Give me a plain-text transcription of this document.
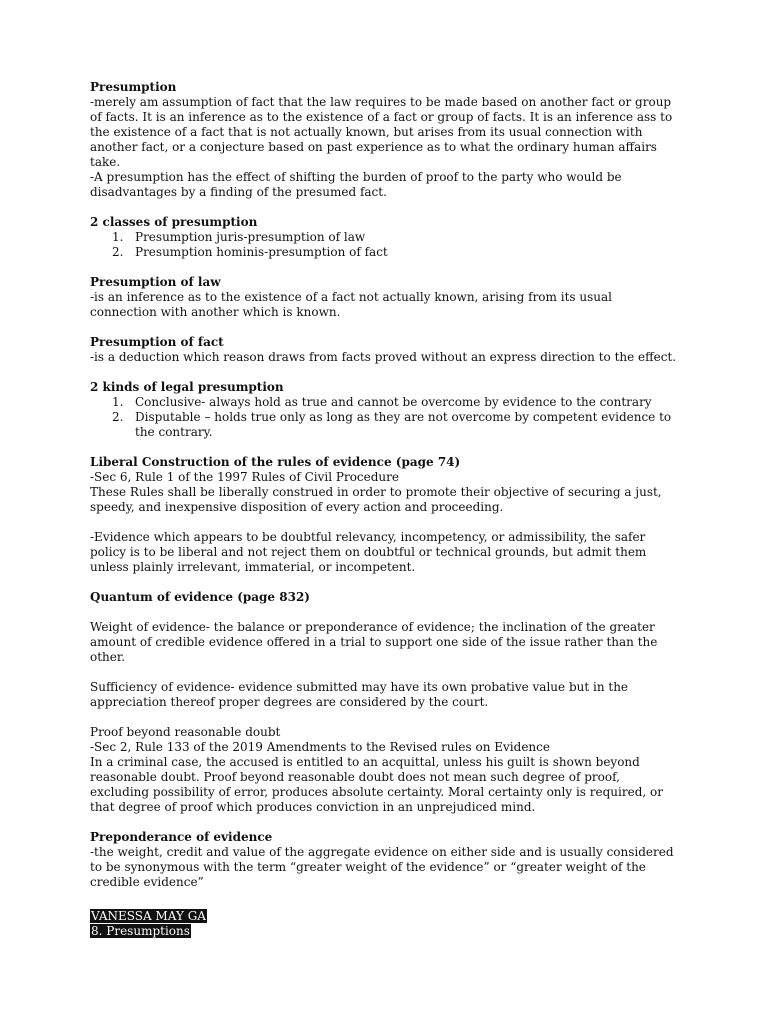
Presumption

-merely am assumption of fact that the law requires to be made based on another fact or group of facts. It is an inference as to the existence of a fact or group of facts. It is an inference ass to the existence of a fact that is not actually known, but arises from its usual connection with another fact, or a conjecture based on past experience as to what the ordinary human affairs take.

-A presumption has the effect of shifting the burden of proof to the party who would be disadvantages by a finding of the presumed fact.

2 classes of presumption
1. Presumption juris-presumption of law
2. Presumption hominis-presumption of fact
Presumption of law

-is an inference as to the existence of a fact not actually known, arising from its usual connection with another which is known.

Presumption of fact

-is a deduction which reason draws from facts proved without an express direction to the effect.

2 kinds of legal presumption
1. Conclusive- always hold as true and cannot be overcome by evidence to the contrary
2. Disputable – holds true only as long as they are not overcome by competent evidence to the contrary.
Liberal Construction of the rules of evidence (page 74)

-Sec 6, Rule 1 of the 1997 Rules of Civil Procedure

These Rules shall be liberally construed in order to promote their objective of securing a just, speedy, and inexpensive disposition of every action and proceeding.

-Evidence which appears to be doubtful relevancy, incompetency, or admissibility, the safer policy is to be liberal and not reject them on doubtful or technical grounds, but admit them unless plainly irrelevant, immaterial, or incompetent.

Quantum of evidence (page 832)

Weight of evidence- the balance or preponderance of evidence; the inclination of the greater amount of credible evidence offered in a trial to support one side of the issue rather than the other.

Sufficiency of evidence- evidence submitted may have its own probative value but in the appreciation thereof proper degrees are considered by the court.

Proof beyond reasonable doubt

-Sec 2, Rule 133 of the 2019 Amendments to the Revised rules on Evidence

In a criminal case, the accused is entitled to an acquittal, unless his guilt is shown beyond reasonable doubt. Proof beyond reasonable doubt does not mean such degree of proof, excluding possibility of error, produces absolute certainty. Moral certainty only is required, or that degree of proof which produces conviction in an unprejudiced mind.

Preponderance of evidence

-the weight, credit and value of the aggregate evidence on either side and is usually considered to be synonymous with the term “greater weight of the evidence” or “greater weight of the credible evidence”

VANESSA MAY GA
8. Presumptions
